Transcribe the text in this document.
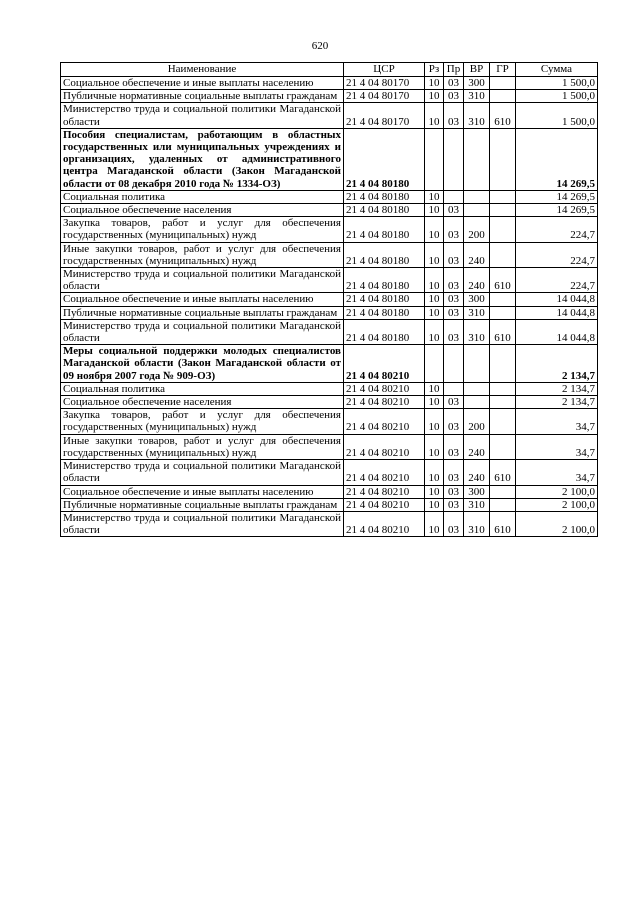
620
Наименование	ЦСР	Рз	Пр	ВР	ГР	Сумма
Социальное обеспечение и иные выплаты населению	21 4 04 80170	10	03	300		1 500,0
Публичные нормативные социальные выплаты гражданам	21 4 04 80170	10	03	310		1 500,0
Министерство труда и социальной политики Магаданской области	21 4 04 80170	10	03	310	610	1 500,0
Пособия специалистам, работающим в областных государственных или муниципальных учреждениях и организациях, удаленных от административного центра Магаданской области (Закон Магаданской области от 08 декабря 2010 года № 1334-ОЗ)	21 4 04 80180					14 269,5
Социальная политика	21 4 04 80180	10				14 269,5
Социальное обеспечение населения	21 4 04 80180	10	03			14 269,5
Закупка товаров, работ и услуг для обеспечения государственных (муниципальных) нужд	21 4 04 80180	10	03	200		224,7
Иные закупки товаров, работ и услуг для обеспечения государственных (муниципальных) нужд	21 4 04 80180	10	03	240		224,7
Министерство труда и социальной политики Магаданской области	21 4 04 80180	10	03	240	610	224,7
Социальное обеспечение и иные выплаты населению	21 4 04 80180	10	03	300		14 044,8
Публичные нормативные социальные выплаты гражданам	21 4 04 80180	10	03	310		14 044,8
Министерство труда и социальной политики Магаданской области	21 4 04 80180	10	03	310	610	14 044,8
Меры социальной поддержки молодых специалистов Магаданской области (Закон Магаданской области от 09 ноября 2007 года № 909-ОЗ)	21 4 04 80210					2 134,7
Социальная политика	21 4 04 80210	10				2 134,7
Социальное обеспечение населения	21 4 04 80210	10	03			2 134,7
Закупка товаров, работ и услуг для обеспечения государственных (муниципальных) нужд	21 4 04 80210	10	03	200		34,7
Иные закупки товаров, работ и услуг для обеспечения государственных (муниципальных) нужд	21 4 04 80210	10	03	240		34,7
Министерство труда и социальной политики Магаданской области	21 4 04 80210	10	03	240	610	34,7
Социальное обеспечение и иные выплаты населению	21 4 04 80210	10	03	300		2 100,0
Публичные нормативные социальные выплаты гражданам	21 4 04 80210	10	03	310		2 100,0
Министерство труда и социальной политики Магаданской области	21 4 04 80210	10	03	310	610	2 100,0
